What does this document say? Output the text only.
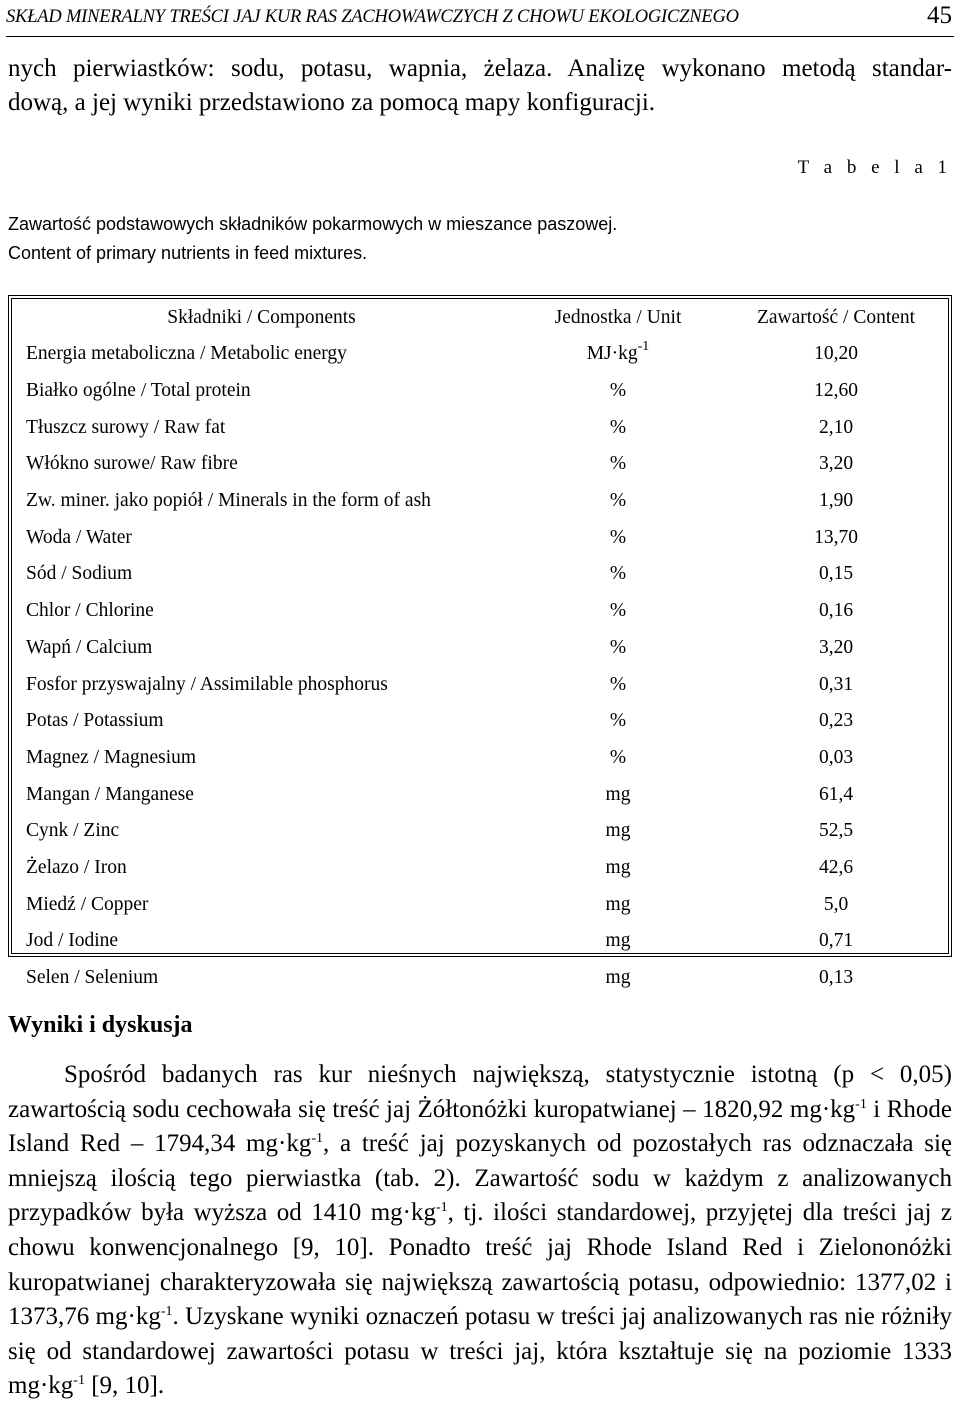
SKŁAD MINERALNY TREŚCI JAJ KUR RAS ZACHOWAWCZYCH Z CHOWU EKOLOGICZNEGO	45

nych pierwiastków: sodu, potasu, wapnia, żelaza. Analizę wykonano metodą standar-

dową, a jej wyniki przedstawiono za pomocą mapy konfiguracji.

T a b e l a 1
Zawartość podstawowych składników pokarmowych w mieszance paszowej.
Content of primary nutrients in feed mixtures.
Składniki / Components	Jednostka / Unit	Zawartość / Content
Energia metaboliczna / Metabolic energy	$MJ\cdot kg^{-1}$	10,20
Białko ogólne / Total protein	%	12,60
Tłuszcz surowy / Raw fat	%	2,10
Włókno surowe/ Raw fibre	%	3,20
Zw. miner. jako popiół / Minerals in the form of ash	%	1,90
Woda / Water	%	13,70
Sód / Sodium	%	0,15
Chlor / Chlorine	%	0,16
Wapń / Calcium	%	3,20
Fosfor przyswajalny / Assimilable phosphorus	%	0,31
Potas / Potassium	%	0,23
Magnez / Magnesium	%	0,03
Mangan / Manganese	mg	61,4
Cynk / Zinc	mg	52,5
Żelazo / Iron	mg	42,6
Miedź / Copper	mg	5,0
Jod / Iodine	mg	0,71
Selen / Selenium	mg	0,13
Wyniki i dyskusja

Spośród badanych ras kur nieśnych największą, statystycznie istotną (p < 0,05) zawartością sodu cechowała się treść jaj Żółtonóżki kuropatwianej – 1820,92 $mg\cdot kg^{-1}$ i Rhode Island Red – 1794,34 $mg\cdot kg^{-1}$, a treść jaj pozyskanych od pozostałych ras odznaczała się mniejszą ilością tego pierwiastka (tab. 2). Zawartość sodu w każdym z analizowanych przypadków była wyższa od 1410 $mg\cdot kg^{-1}$, tj. ilości standardowej, przyjętej dla treści jaj z chowu konwencjonalnego [9, 10]. Ponadto treść jaj Rhode Island Red i Zielononóżki kuropatwianej charakteryzowała się największą zawartością potasu, odpowiednio: 1377,02 i 1373,76 $mg\cdot kg^{-1}$. Uzyskane wyniki oznaczeń potasu w treści jaj analizowanych ras nie różniły się od standardowej zawartości potasu w treści jaj, która kształtuje się na poziomie 1333 $mg\cdot kg^{-1}$ [9, 10].
